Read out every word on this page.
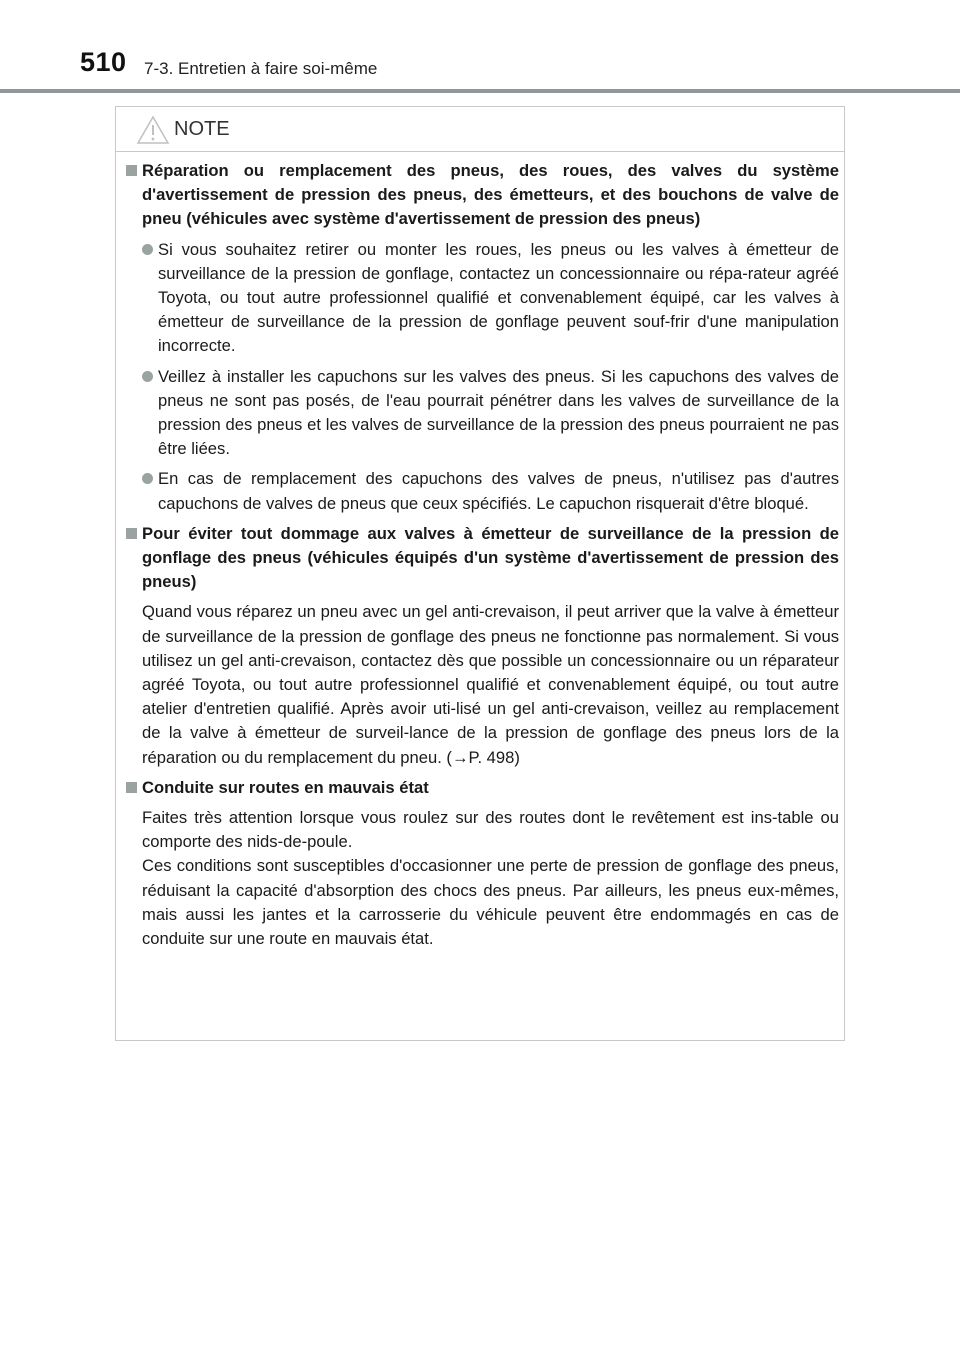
510 7-3. Entretien à faire soi-même
NOTE
Réparation ou remplacement des pneus, des roues, des valves du système d'avertissement de pression des pneus, des émetteurs, et des bouchons de valve de pneu (véhicules avec système d'avertissement de pression des pneus)
Si vous souhaitez retirer ou monter les roues, les pneus ou les valves à émetteur de surveillance de la pression de gonflage, contactez un concessionnaire ou répa-rateur agréé Toyota, ou tout autre professionnel qualifié et convenablement équipé, car les valves à émetteur de surveillance de la pression de gonflage peuvent souf-frir d'une manipulation incorrecte.
Veillez à installer les capuchons sur les valves des pneus. Si les capuchons des valves de pneus ne sont pas posés, de l'eau pourrait pénétrer dans les valves de surveillance de la pression des pneus et les valves de surveillance de la pression des pneus pourraient ne pas être liées.
En cas de remplacement des capuchons des valves de pneus, n'utilisez pas d'autres capuchons de valves de pneus que ceux spécifiés. Le capuchon risquerait d'être bloqué.
Pour éviter tout dommage aux valves à émetteur de surveillance de la pression de gonflage des pneus (véhicules équipés d'un système d'avertissement de pression des pneus)
Quand vous réparez un pneu avec un gel anti-crevaison, il peut arriver que la valve à émetteur de surveillance de la pression de gonflage des pneus ne fonctionne pas normalement. Si vous utilisez un gel anti-crevaison, contactez dès que possible un concessionnaire ou un réparateur agréé Toyota, ou tout autre professionnel qualifié et convenablement équipé, ou tout autre atelier d'entretien qualifié. Après avoir uti-lisé un gel anti-crevaison, veillez au remplacement de la valve à émetteur de surveil-lance de la pression de gonflage des pneus lors de la réparation ou du remplacement du pneu. (→P. 498)
Conduite sur routes en mauvais état
Faites très attention lorsque vous roulez sur des routes dont le revêtement est ins-table ou comporte des nids-de-poule.
Ces conditions sont susceptibles d'occasionner une perte de pression de gonflage des pneus, réduisant la capacité d'absorption des chocs des pneus. Par ailleurs, les pneus eux-mêmes, mais aussi les jantes et la carrosserie du véhicule peuvent être endommagés en cas de conduite sur une route en mauvais état.
